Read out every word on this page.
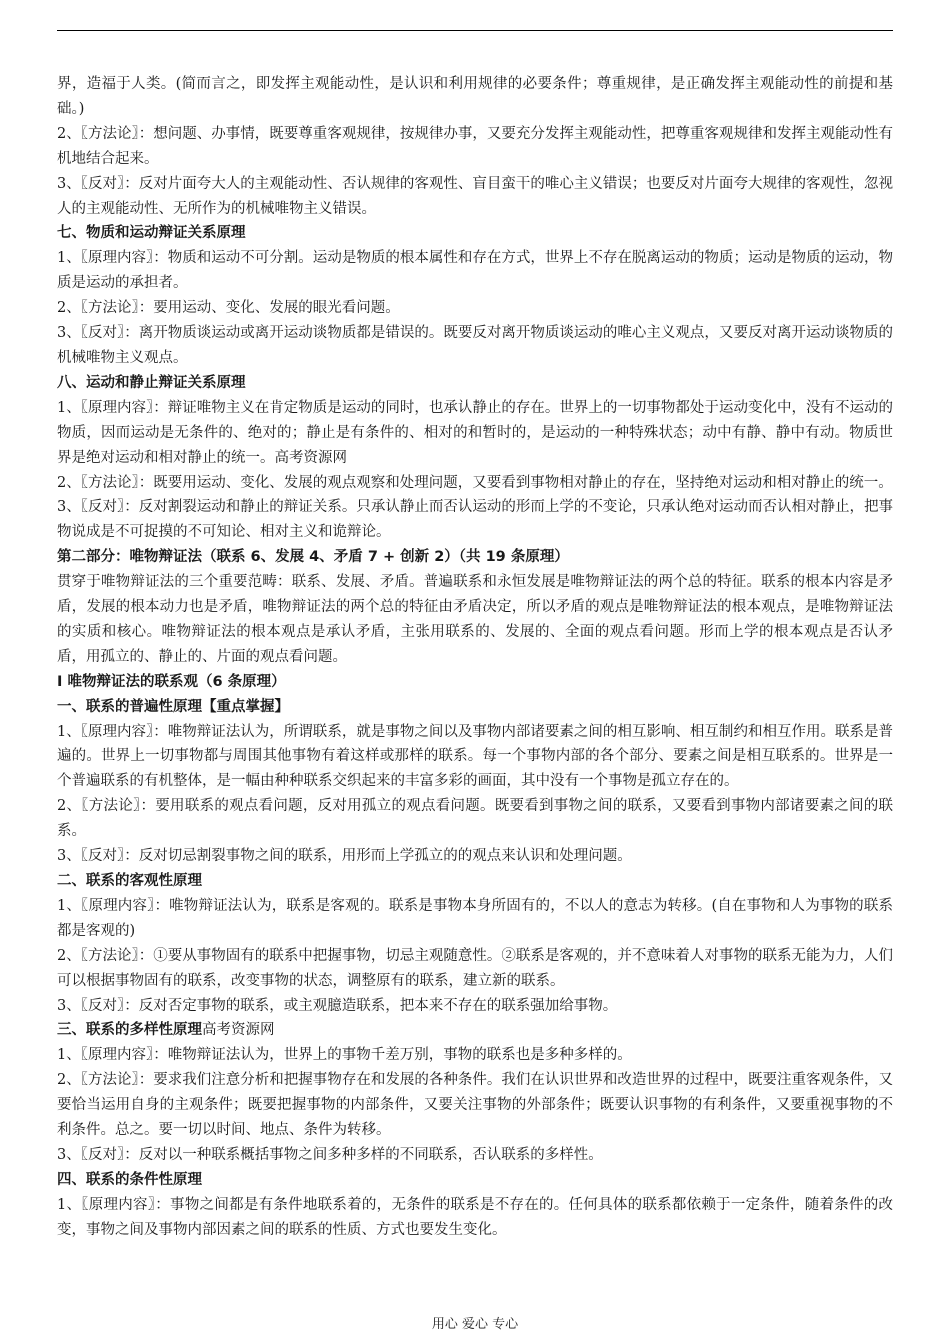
界，造福于人类。(简而言之，即发挥主观能动性，是认识和利用规律的必要条件；尊重规律，是正确发挥主观能动性的前提和基础。)

2、〖方法论〗：想问题、办事情，既要尊重客观规律，按规律办事，又要充分发挥主观能动性，把尊重客观规律和发挥主观能动性有机地结合起来。

3、〖反对〗：反对片面夸大人的主观能动性、否认规律的客观性、盲目蛮干的唯心主义错误；也要反对片面夸大规律的客观性，忽视人的主观能动性、无所作为的机械唯物主义错误。

七、物质和运动辩证关系原理

1、〖原理内容〗：物质和运动不可分割。运动是物质的根本属性和存在方式，世界上不存在脱离运动的物质；运动是物质的运动，物质是运动的承担者。

2、〖方法论〗：要用运动、变化、发展的眼光看问题。

3、〖反对〗：离开物质谈运动或离开运动谈物质都是错误的。既要反对离开物质谈运动的唯心主义观点，又要反对离开运动谈物质的机械唯物主义观点。

八、运动和静止辩证关系原理

1、〖原理内容〗：辩证唯物主义在肯定物质是运动的同时，也承认静止的存在。世界上的一切事物都处于运动变化中，没有不运动的物质，因而运动是无条件的、绝对的；静止是有条件的、相对的和暂时的，是运动的一种特殊状态；动中有静、静中有动。物质世界是绝对运动和相对静止的统一。高考资源网

2、〖方法论〗：既要用运动、变化、发展的观点观察和处理问题，又要看到事物相对静止的存在，坚持绝对运动和相对静止的统一。

3、〖反对〗：反对割裂运动和静止的辩证关系。只承认静止而否认运动的形而上学的不变论，只承认绝对运动而否认相对静止，把事物说成是不可捉摸的不可知论、相对主义和诡辩论。

第二部分：唯物辩证法（联系 6、发展 4、矛盾 7 + 创新 2）（共 19 条原理）

贯穿于唯物辩证法的三个重要范畴：联系、发展、矛盾。普遍联系和永恒发展是唯物辩证法的两个总的特征。联系的根本内容是矛盾，发展的根本动力也是矛盾，唯物辩证法的两个总的特征由矛盾决定，所以矛盾的观点是唯物辩证法的根本观点，是唯物辩证法的实质和核心。唯物辩证法的根本观点是承认矛盾，主张用联系的、发展的、全面的观点看问题。形而上学的根本观点是否认矛盾，用孤立的、静止的、片面的观点看问题。

Ⅰ 唯物辩证法的联系观（6 条原理）
一、联系的普遍性原理【重点掌握】

1、〖原理内容〗：唯物辩证法认为，所谓联系，就是事物之间以及事物内部诸要素之间的相互影响、相互制约和相互作用。联系是普遍的。世界上一切事物都与周围其他事物有着这样或那样的联系。每一个事物内部的各个部分、要素之间是相互联系的。世界是一个普遍联系的有机整体，是一幅由种种联系交织起来的丰富多彩的画面，其中没有一个事物是孤立存在的。

2、〖方法论〗：要用联系的观点看问题，反对用孤立的观点看问题。既要看到事物之间的联系，又要看到事物内部诸要素之间的联系。

3、〖反对〗：反对切忌割裂事物之间的联系，用形而上学孤立的的观点来认识和处理问题。

二、联系的客观性原理

1、〖原理内容〗：唯物辩证法认为，联系是客观的。联系是事物本身所固有的，不以人的意志为转移。(自在事物和人为事物的联系都是客观的)

2、〖方法论〗：①要从事物固有的联系中把握事物，切忌主观随意性。②联系是客观的，并不意味着人对事物的联系无能为力，人们可以根据事物固有的联系，改变事物的状态，调整原有的联系，建立新的联系。

3、〖反对〗：反对否定事物的联系，或主观臆造联系，把本来不存在的联系强加给事物。

三、联系的多样性原理高考资源网

1、〖原理内容〗：唯物辩证法认为，世界上的事物千差万别，事物的联系也是多种多样的。

2、〖方法论〗：要求我们注意分析和把握事物存在和发展的各种条件。我们在认识世界和改造世界的过程中，既要注重客观条件，又要恰当运用自身的主观条件；既要把握事物的内部条件，又要关注事物的外部条件；既要认识事物的有利条件，又要重视事物的不利条件。总之。要一切以时间、地点、条件为转移。

3、〖反对〗：反对以一种联系概括事物之间多种多样的不同联系，否认联系的多样性。

四、联系的条件性原理

1、〖原理内容〗：事物之间都是有条件地联系着的，无条件的联系是不存在的。任何具体的联系都依赖于一定条件，随着条件的改变，事物之间及事物内部因素之间的联系的性质、方式也要发生变化。

用心 爱心 专心
